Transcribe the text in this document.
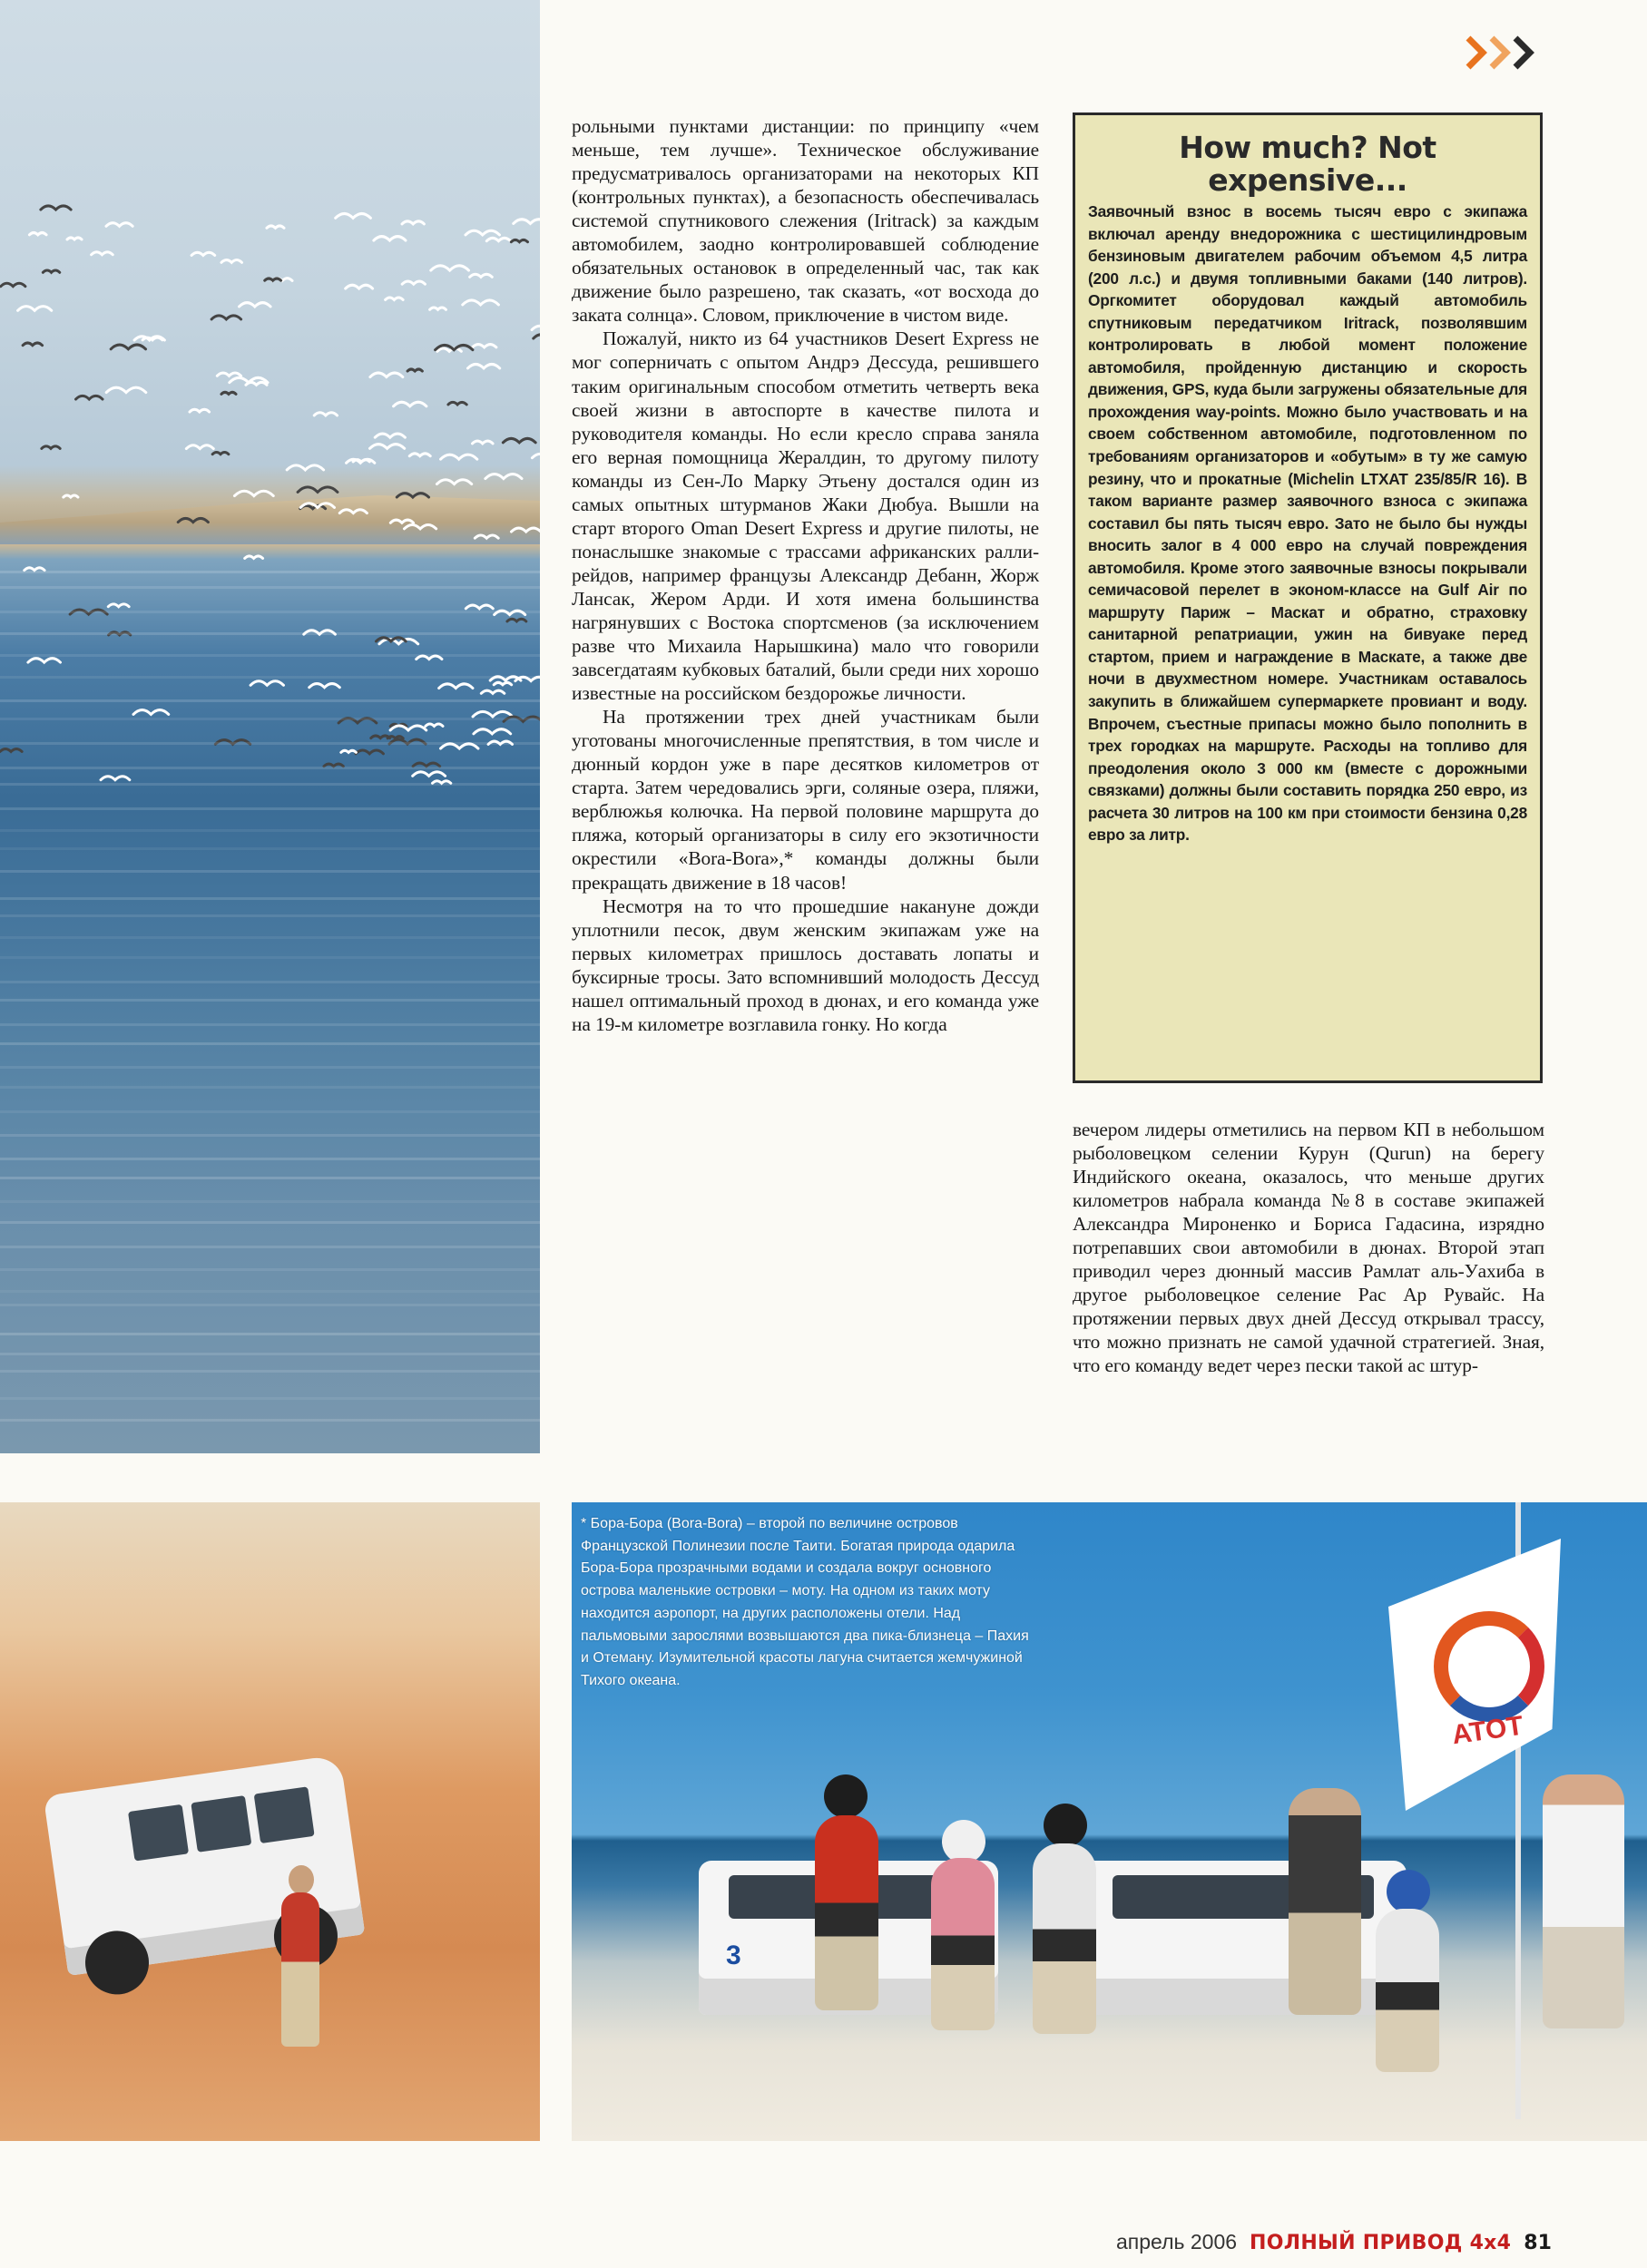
рольными пунктами дистанции: по принципу «чем меньше, тем лучше». Техническое обслуживание предусматривалось организаторами на некоторых КП (контрольных пунктах), а безопасность обеспечивалась системой спутникового слежения (Iritrack) за каждым автомобилем, заодно контролировавшей соблюдение обязательных остановок в определенный час, так как движение было разрешено, так сказать, «от восхода до заката солнца». Словом, приключение в чистом виде.

Пожалуй, никто из 64 участников Desert Express не мог соперничать с опытом Андрэ Дессуда, решившего таким оригинальным способом отметить четверть века своей жизни в автоспорте в качестве пилота и руководителя команды. Но если кресло справа заняла его верная помощница Жералдин, то другому пилоту команды из Сен-Ло Марку Этьену достался один из самых опытных штурманов Жаки Дюбуа. Вышли на старт второго Oman Desert Express и другие пилоты, не понаслышке знакомые с трассами африканских ралли-рейдов, например французы Александр Дебанн, Жорж Лансак, Жером Арди. И хотя имена большинства нагрянувших с Востока спортсменов (за исключением разве что Михаила Нарышкина) мало что говорили завсегдатаям кубковых баталий, были среди них хорошо известные на российском бездорожье личности.

На протяжении трех дней участникам были уготованы многочисленные препятствия, в том числе и дюнный кордон уже в паре десятков километров от старта. Затем чередовались эрги, соляные озера, пляжи, верблюжья колючка. На первой половине маршрута до пляжа, который организаторы в силу его экзотичности окрестили «Bora-Bora»,* команды должны были прекращать движение в 18 часов!

Несмотря на то что прошедшие накануне дожди уплотнили песок, двум женским экипажам уже на первых километрах пришлось доставать лопаты и буксирные тросы. Зато вспомнивший молодость Дессуд нашел оптимальный проход в дюнах, и его команда уже на 19-м километре возглавила гонку. Но когда

How much? Not expensive...

Заявочный взнос в восемь тысяч евро с экипажа включал аренду внедорожника с шестицилиндровым бензиновым двигателем рабочим объемом 4,5 литра (200 л.с.) и двумя топливными баками (140 литров). Оргкомитет оборудовал каждый автомобиль спутниковым передатчиком Iritrack, позволявшим контролировать в любой момент положение автомобиля, пройденную дистанцию и скорость движения, GPS, куда были загружены обязательные для прохождения way-points. Можно было участвовать и на своем собственном автомобиле, подготовленном по требованиям организаторов и «обутым» в ту же самую резину, что и прокатные (Michelin LTXAT 235/85/R 16). В таком варианте размер заявочного взноса с экипажа составил бы пять тысяч евро. Зато не было бы нужды вносить залог в 4 000 евро на случай повреждения автомобиля. Кроме этого заявочные взносы покрывали семичасовой перелет в эконом-классе на Gulf Air по маршруту Париж – Маскат и обратно, страховку санитарной репатриации, ужин на бивуаке перед стартом, прием и награждение в Маскате, а также две ночи в двухместном номере. Участникам оставалось закупить в ближайшем супермаркете провиант и воду. Впрочем, съестные припасы можно было пополнить в трех городках на маршруте. Расходы на топливо для преодоления около 3 000 км (вместе с дорожными связками) должны были составить порядка 250 евро, из расчета 30 литров на 100 км при стоимости бензина 0,28 евро за литр.

вечером лидеры отметились на первом КП в небольшом рыболовецком селении Курун (Qurun) на берегу Индийского океана, оказалось, что меньше других километров набрала команда №8 в составе экипажей Александра Мироненко и Бориса Гадасина, изрядно потрепавших свои автомобили в дюнах. Второй этап приводил через дюнный массив Рамлат аль-Уахиба в другое рыболовецкое селение Рас Ар Рувайс. На протяжении первых двух дней Дессуд открывал трассу, что можно признать не самой удачной стратегией. Зная, что его команду ведет через пески такой ас штур-

ATOT
3
* Бора-Бора (Bora-Bora) – второй по величине островов Французской Полинезии после Таити. Богатая природа одарила Бора-Бора прозрачными водами и создала вокруг основного острова маленькие островки – моту. На одном из таких моту находится аэропорт, на других расположены отели. Над пальмовыми зарослями возвышаются два пика-близнеца – Пахия и Отеману. Изумительной красоты лагуна считается жемчужиной Тихого океана.
апрель 2006 ПОЛНЫЙ ПРИВОД 4x4 81
